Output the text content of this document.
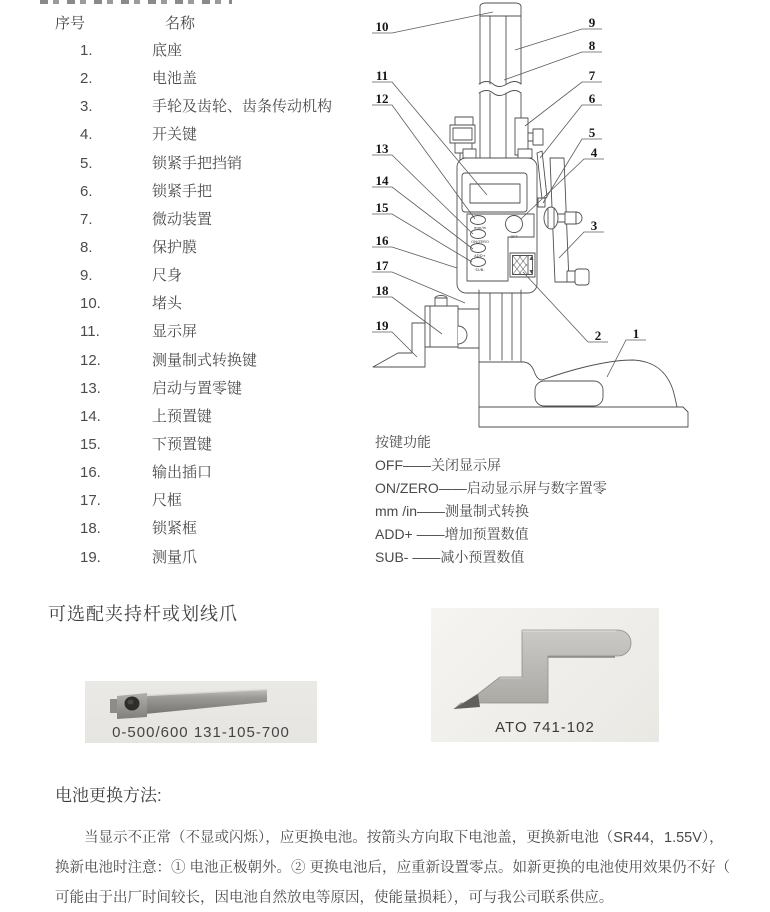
序号	名称
1.	底座
2.	电池盖
3.	手轮及齿轮、齿条传动机构
4.	开关键
5.	锁紧手把挡销
6.	锁紧手把
7.	微动装置
8.	保护膜
9.	尺身
10.	堵头
11.	显示屏
12.	测量制式转换键
13.	启动与置零键
14.	上预置键
15.	下预置键
16.	输出插口
17.	尺框
18.	锁紧框
19.	测量爪
mm/in
ON/ZERO
ADD+
SUB-
OFF
10
11
12
13
14
15
16
17
18
19
9
8
7
6
5
4
3
2 1
按键功能
OFF——关闭显示屏
ON/ZERO——启动显示屏与数字置零
mm /in——测量制式转换
ADD+ ——增加预置数值
SUB- ——减小预置数值
可选配夹持杆或划线爪
0-500/600 131-105-700	ATO 741-102
电池更换方法:
当显示不正常（不显或闪烁），应更换电池。按箭头方向取下电池盖，更换新电池（SR44，1.55V），
换新电池时注意：① 电池正极朝外。② 更换电池后，应重新设置零点。如新更换的电池使用效果仍不好（
可能由于出厂时间较长，因电池自然放电等原因，使能量损耗），可与我公司联系供应。
